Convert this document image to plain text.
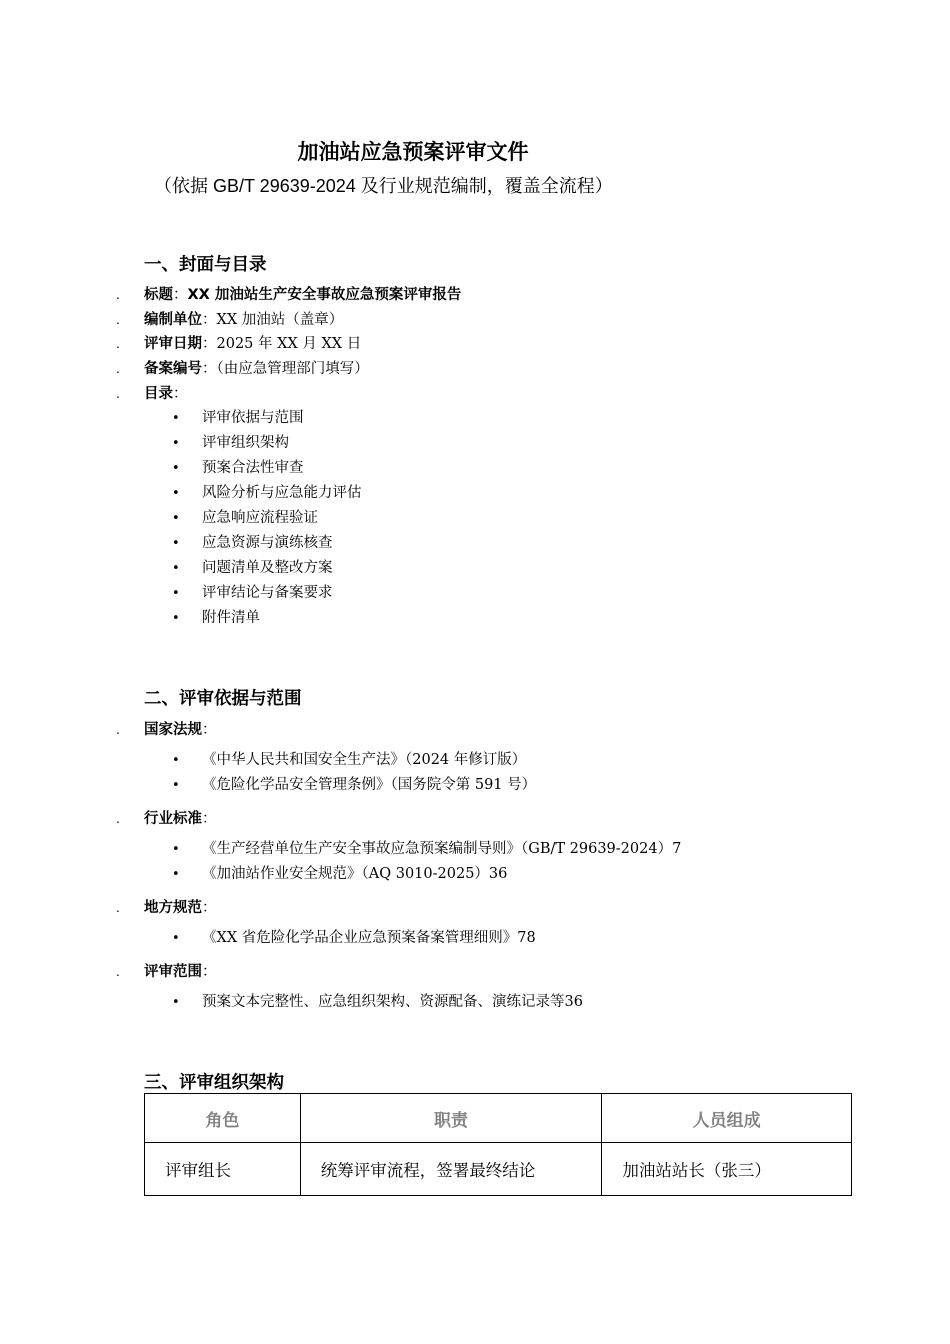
加油站应急预案评审文件
（依据 GB/T 29639-2024 及行业规范编制，覆盖全流程）
一、封面与目录
. 标题：XX 加油站生产安全事故应急预案评审报告
. 编制单位：XX 加油站（盖章）
. 评审日期：2025 年 XX 月 XX 日
. 备案编号：（由应急管理部门填写）
. 目录：
• 评审依据与范围
• 评审组织架构
• 预案合法性审查
• 风险分析与应急能力评估
• 应急响应流程验证
• 应急资源与演练核查
• 问题清单及整改方案
• 评审结论与备案要求
• 附件清单
二、评审依据与范围
. 国家法规：
• 《中华人民共和国安全生产法》（2024 年修订版）
• 《危险化学品安全管理条例》（国务院令第 591 号）
. 行业标准：
• 《生产经营单位生产安全事故应急预案编制导则》（GB/T 29639-2024）7
• 《加油站作业安全规范》（AQ 3010-2025）36
. 地方规范：
• 《XX 省危险化学品企业应急预案备案管理细则》78
. 评审范围：
• 预案文本完整性、应急组织架构、资源配备、演练记录等36
三、评审组织架构
角色	职责	人员组成
评审组长	统筹评审流程，签署最终结论	加油站站长（张三）
